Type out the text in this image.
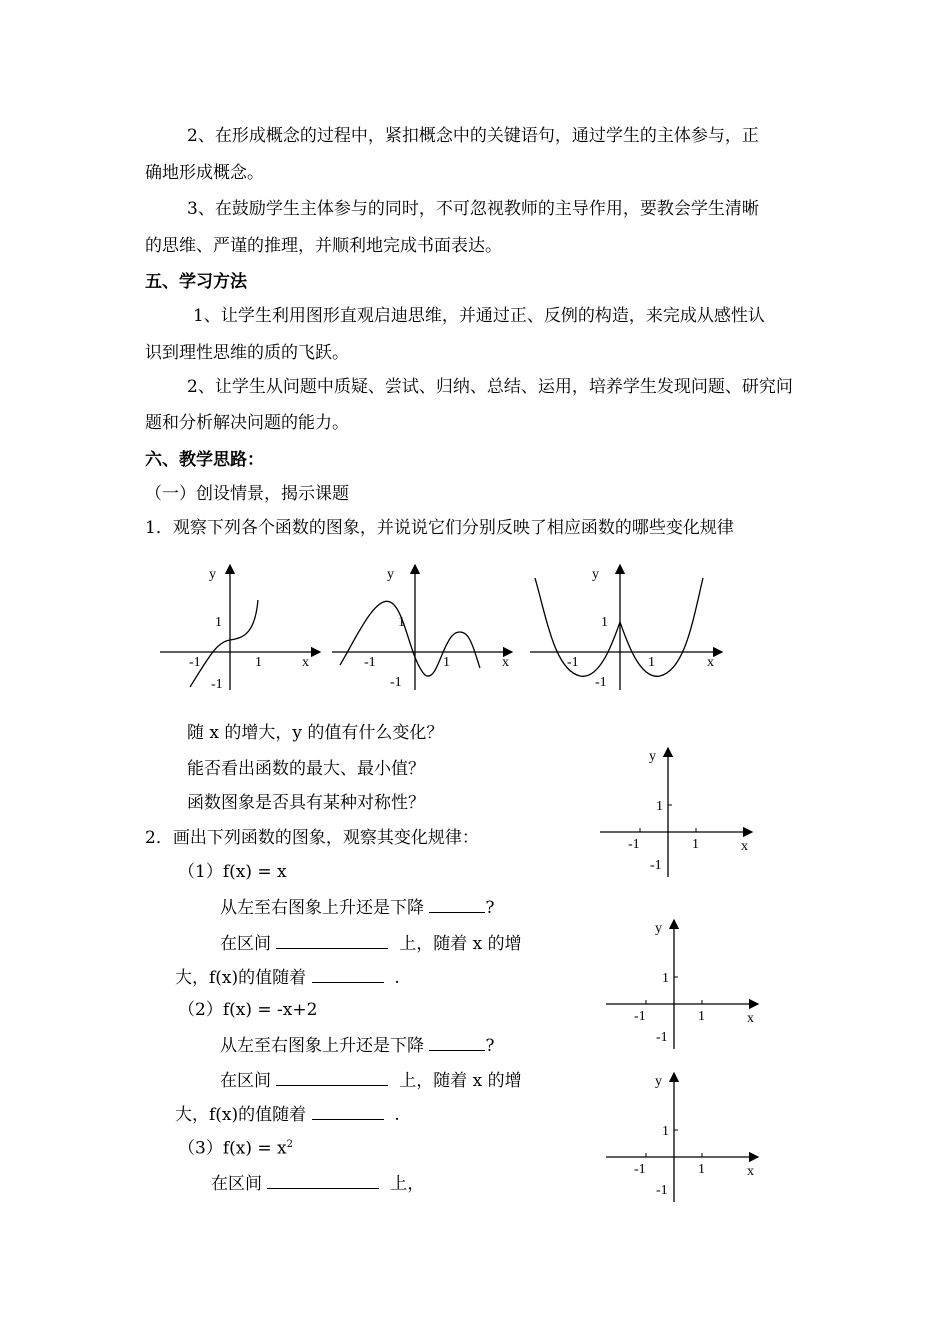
2、在形成概念的过程中，紧扣概念中的关键语句，通过学生的主体参与，正
确地形成概念。
3、在鼓励学生主体参与的同时，不可忽视教师的主导作用，要教会学生清晰
的思维、严谨的推理，并顺利地完成书面表达。
五、学习方法
1、让学生利用图形直观启迪思维，并通过正、反例的构造，来完成从感性认
识到理性思维的质的飞跃。
2、让学生从问题中质疑、尝试、归纳、总结、运用，培养学生发现问题、研究问
题和分析解决问题的能力。
六、教学思路：
（一）创设情景，揭示课题
1．观察下列各个函数的图象，并说说它们分别反映了相应函数的哪些变化规律
y
x
1
-1	1
-1
y
x
1
-1	1
-1
y
x
1
-1	1
-1
随 x 的增大，y 的值有什么变化？
能否看出函数的最大、最小值？
函数图象是否具有某种对称性？
2．画出下列函数的图象，观察其变化规律：
（1）f(x) = x
从左至右图象上升还是下降	?
在区间	上，随着 x 的增
大，f(x)的值随着	.
（2）f(x) = -x+2
从左至右图象上升还是下降	?
在区间	上，随着 x 的增
大，f(x)的值随着	.
$(3)f(x) = x^2$
在区间	上，
y
x
1
-1	1
-1
y
x
1
-1	1
-1
y
x
1
-1	1
-1
